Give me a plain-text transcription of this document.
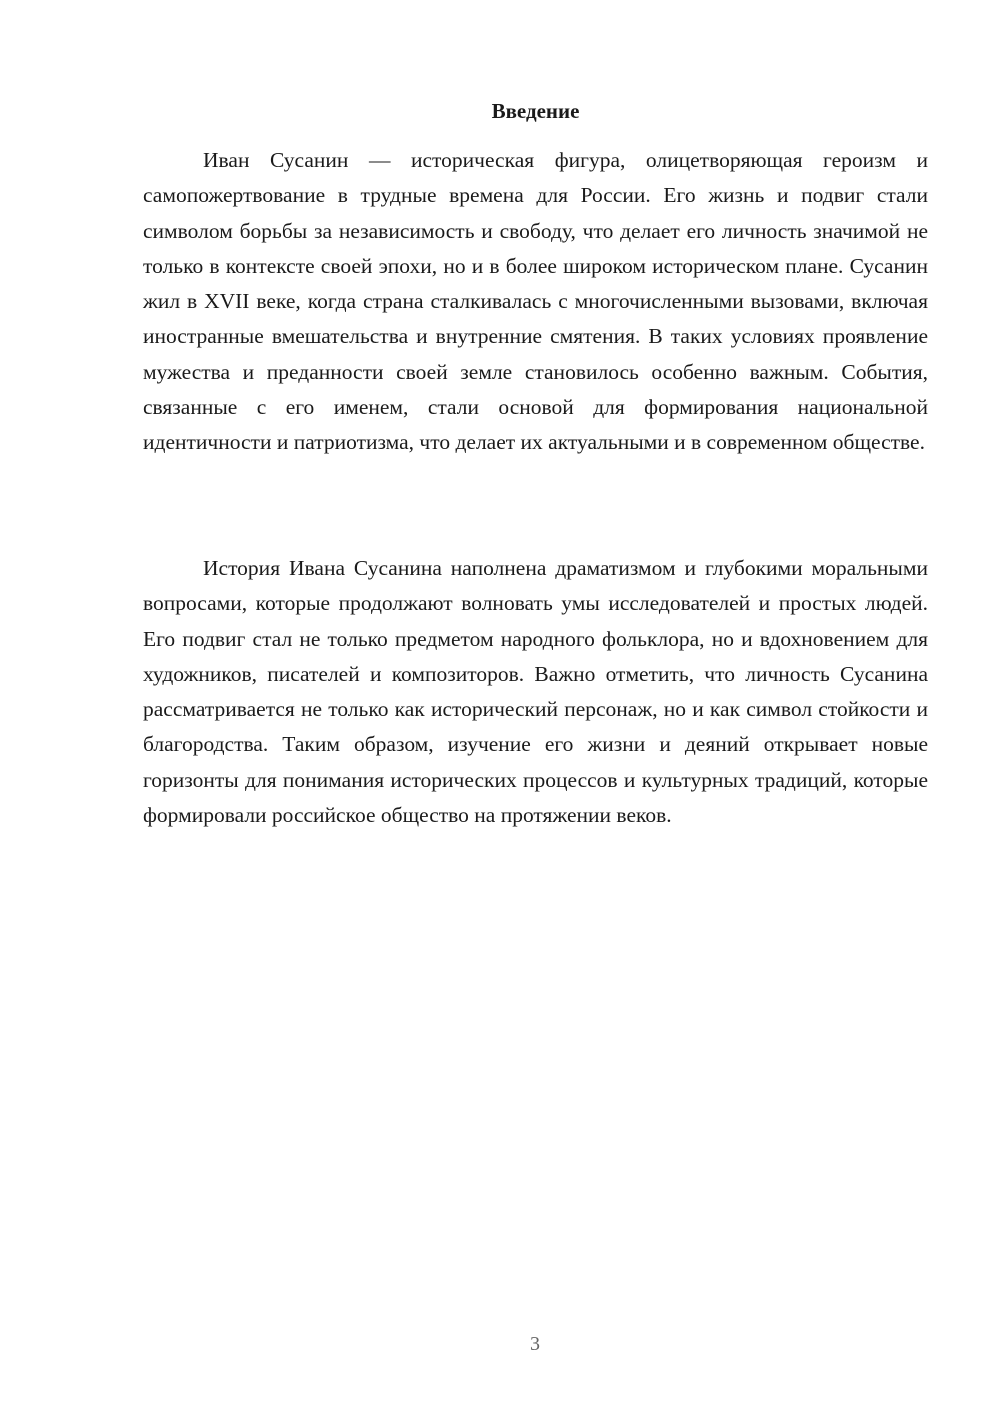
Введение

Иван Сусанин — историческая фигура, олицетворяющая героизм и самопожертвование в трудные времена для России. Его жизнь и подвиг стали символом борьбы за независимость и свободу, что делает его личность значимой не только в контексте своей эпохи, но и в более широком историческом плане. Сусанин жил в XVII веке, когда страна сталкивалась с многочисленными вызовами, включая иностранные вмешательства и внутренние смятения. В таких условиях проявление мужества и преданности своей земле становилось особенно важным. События, связанные с его именем, стали основой для формирования национальной идентичности и патриотизма, что делает их актуальными и в современном обществе.

История Ивана Сусанина наполнена драматизмом и глубокими моральными вопросами, которые продолжают волновать умы исследователей и простых людей. Его подвиг стал не только предметом народного фольклора, но и вдохновением для художников, писателей и композиторов. Важно отметить, что личность Сусанина рассматривается не только как исторический персонаж, но и как символ стойкости и благородства. Таким образом, изучение его жизни и деяний открывает новые горизонты для понимания исторических процессов и культурных традиций, которые формировали российское общество на протяжении веков.

3
